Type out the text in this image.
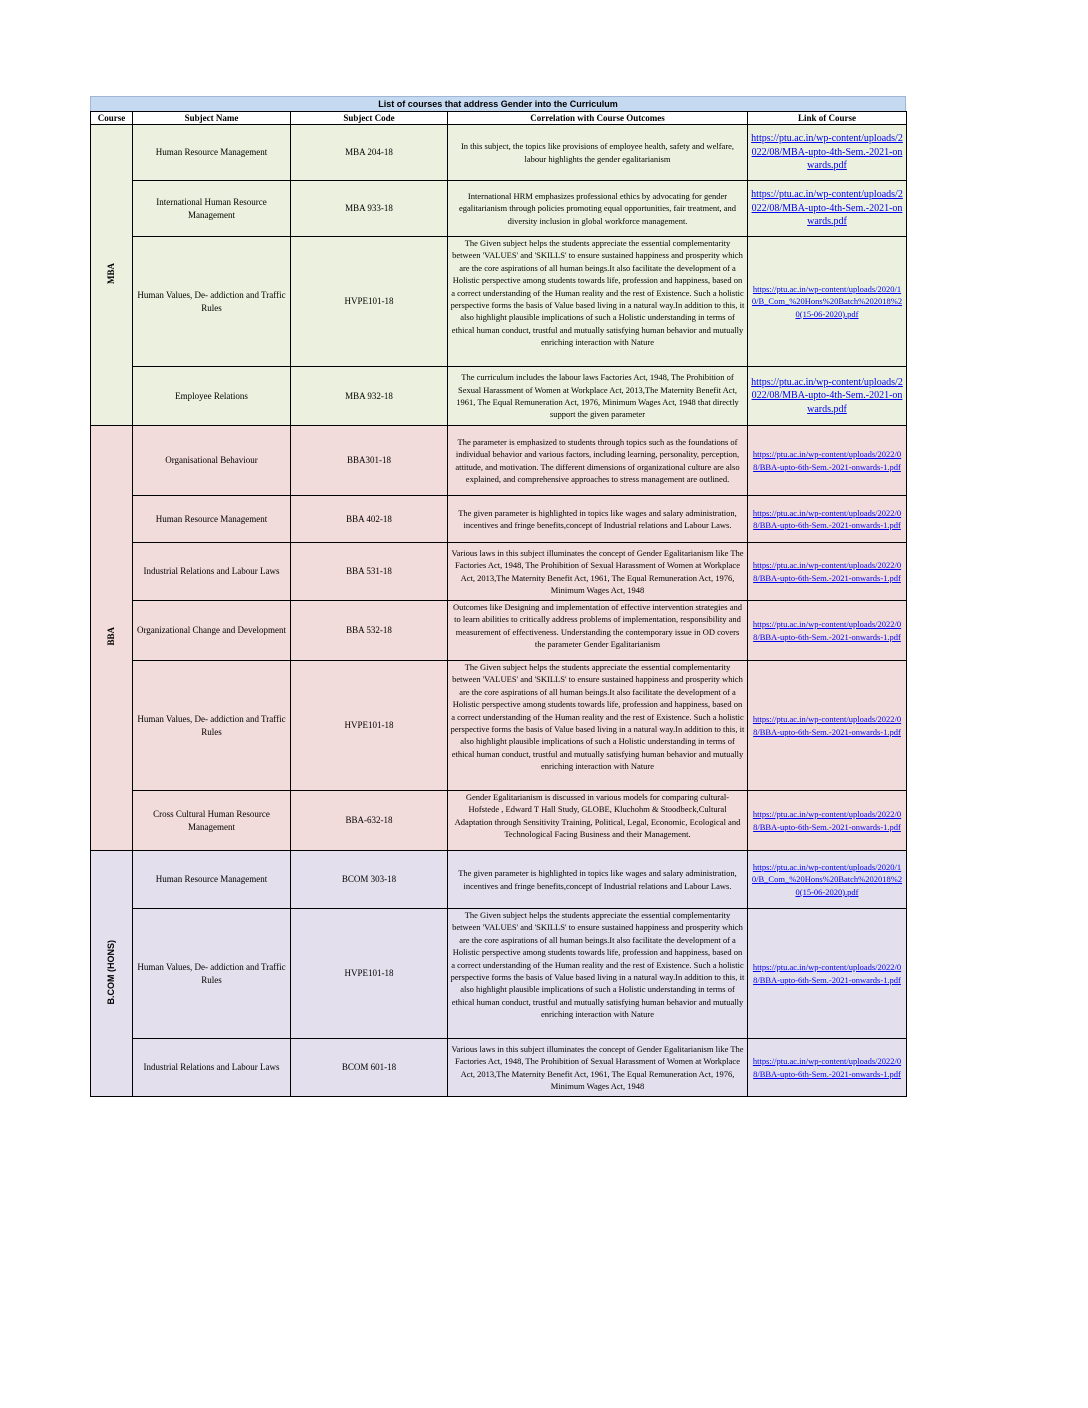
List of courses that address Gender into the Curriculum
Course	Subject Name	Subject Code	Correlation with Course Outcomes	Link of Course
MBA	Human Resource Management	MBA 204-18	In this subject, the topics like provisions of employee health, safety and welfare, labour highlights the gender egalitarianism	https://ptu.ac.in/wp-content/uploads/2022/08/MBA-upto-4th-Sem.-2021-onwards.pdf
	International Human Resource Management	MBA 933-18	International HRM emphasizes professional ethics by advocating for gender egalitarianism through policies promoting equal opportunities, fair treatment, and diversity inclusion in global workforce management.	https://ptu.ac.in/wp-content/uploads/2022/08/MBA-upto-4th-Sem.-2021-onwards.pdf
	Human Values, De- addiction and Traffic Rules	HVPE101-18	The Given subject helps the students appreciate the essential complementarity between 'VALUES' and 'SKILLS' to ensure sustained happiness and prosperity which are the core aspirations of all human beings.It also facilitate the development of a Holistic perspective among students towards life, profession and happiness, based on a correct understanding of the Human reality and the rest of Existence. Such a holistic perspective forms the basis of Value based living in a natural way.In addition to this, it also highlight plausible implications of such a Holistic understanding in terms of ethical human conduct, trustful and mutually satisfying human behavior and mutually enriching interaction with Nature	https://ptu.ac.in/wp-content/uploads/2020/10/B_Com_%20Hons%20Batch%202018%20(15-06-2020).pdf
	Employee Relations	MBA 932-18	The curriculum includes the labour laws Factories Act, 1948, The Prohibition of Sexual Harassment of Women at Workplace Act, 2013,The Maternity Benefit Act, 1961, The Equal Remuneration Act, 1976, Minimum Wages Act, 1948 that directly support the given parameter	https://ptu.ac.in/wp-content/uploads/2022/08/MBA-upto-4th-Sem.-2021-onwards.pdf
BBA	Organisational Behaviour	BBA301-18	The parameter is emphasized to students through topics such as the foundations of individual behavior and various factors, including learning, personality, perception, attitude, and motivation. The different dimensions of organizational culture are also explained, and comprehensive approaches to stress management are outlined.	https://ptu.ac.in/wp-content/uploads/2022/08/BBA-upto-6th-Sem.-2021-onwards-1.pdf
	Human Resource Management	BBA 402-18	The given parameter is highlighted in topics like wages and salary administration, incentives and fringe benefits,concept of Industrial relations and Labour Laws.	https://ptu.ac.in/wp-content/uploads/2022/08/BBA-upto-6th-Sem.-2021-onwards-1.pdf
	Industrial Relations and Labour Laws	BBA 531-18	Various laws in this subject illuminates the concept of Gender Egalitarianism like The Factories Act, 1948, The Prohibition of Sexual Harassment of Women at Workplace Act, 2013,The Maternity Benefit Act, 1961, The Equal Remuneration Act, 1976, Minimum Wages Act, 1948	https://ptu.ac.in/wp-content/uploads/2022/08/BBA-upto-6th-Sem.-2021-onwards-1.pdf
	Organizational Change and Development	BBA 532-18	Outcomes like Designing and implementation of effective intervention strategies and to learn abilities to critically address problems of implementation, responsibility and measurement of effectiveness. Understanding the contemporary issue in OD covers the parameter Gender Egalitarianism	https://ptu.ac.in/wp-content/uploads/2022/08/BBA-upto-6th-Sem.-2021-onwards-1.pdf
	Human Values, De- addiction and Traffic Rules	HVPE101-18	The Given subject helps the students appreciate the essential complementarity between 'VALUES' and 'SKILLS' to ensure sustained happiness and prosperity which are the core aspirations of all human beings.It also facilitate the development of a Holistic perspective among students towards life, profession and happiness, based on a correct understanding of the Human reality and the rest of Existence. Such a holistic perspective forms the basis of Value based living in a natural way.In addition to this, it also highlight plausible implications of such a Holistic understanding in terms of ethical human conduct, trustful and mutually satisfying human behavior and mutually enriching interaction with Nature	https://ptu.ac.in/wp-content/uploads/2022/08/BBA-upto-6th-Sem.-2021-onwards-1.pdf
	Cross Cultural Human Resource Management	BBA-632-18	Gender Egalitarianism is discussed in various models for comparing cultural- Hofstede , Edward T Hall Study, GLOBE, Kluchohm & Stoodbeck,Cultural Adaptation through Sensitivity Training, Political, Legal, Economic, Ecological and Technological Facing Business and their Management.	https://ptu.ac.in/wp-content/uploads/2022/08/BBA-upto-6th-Sem.-2021-onwards-1.pdf
B.COM (HONS)	Human Resource Management	BCOM 303-18	The given parameter is highlighted in topics like wages and salary administration, incentives and fringe benefits,concept of Industrial relations and Labour Laws.	https://ptu.ac.in/wp-content/uploads/2020/10/B_Com_%20Hons%20Batch%202018%20(15-06-2020).pdf
	Human Values, De- addiction and Traffic Rules	HVPE101-18	The Given subject helps the students appreciate the essential complementarity between 'VALUES' and 'SKILLS' to ensure sustained happiness and prosperity which are the core aspirations of all human beings.It also facilitate the development of a Holistic perspective among students towards life, profession and happiness, based on a correct understanding of the Human reality and the rest of Existence. Such a holistic perspective forms the basis of Value based living in a natural way.In addition to this, it also highlight plausible implications of such a Holistic understanding in terms of ethical human conduct, trustful and mutually satisfying human behavior and mutually enriching interaction with Nature	https://ptu.ac.in/wp-content/uploads/2022/08/BBA-upto-6th-Sem.-2021-onwards-1.pdf
	Industrial Relations and Labour Laws	BCOM 601-18	Various laws in this subject illuminates the concept of Gender Egalitarianism like The Factories Act, 1948, The Prohibition of Sexual Harassment of Women at Workplace Act, 2013,The Maternity Benefit Act, 1961, The Equal Remuneration Act, 1976, Minimum Wages Act, 1948	https://ptu.ac.in/wp-content/uploads/2022/08/BBA-upto-6th-Sem.-2021-onwards-1.pdf
